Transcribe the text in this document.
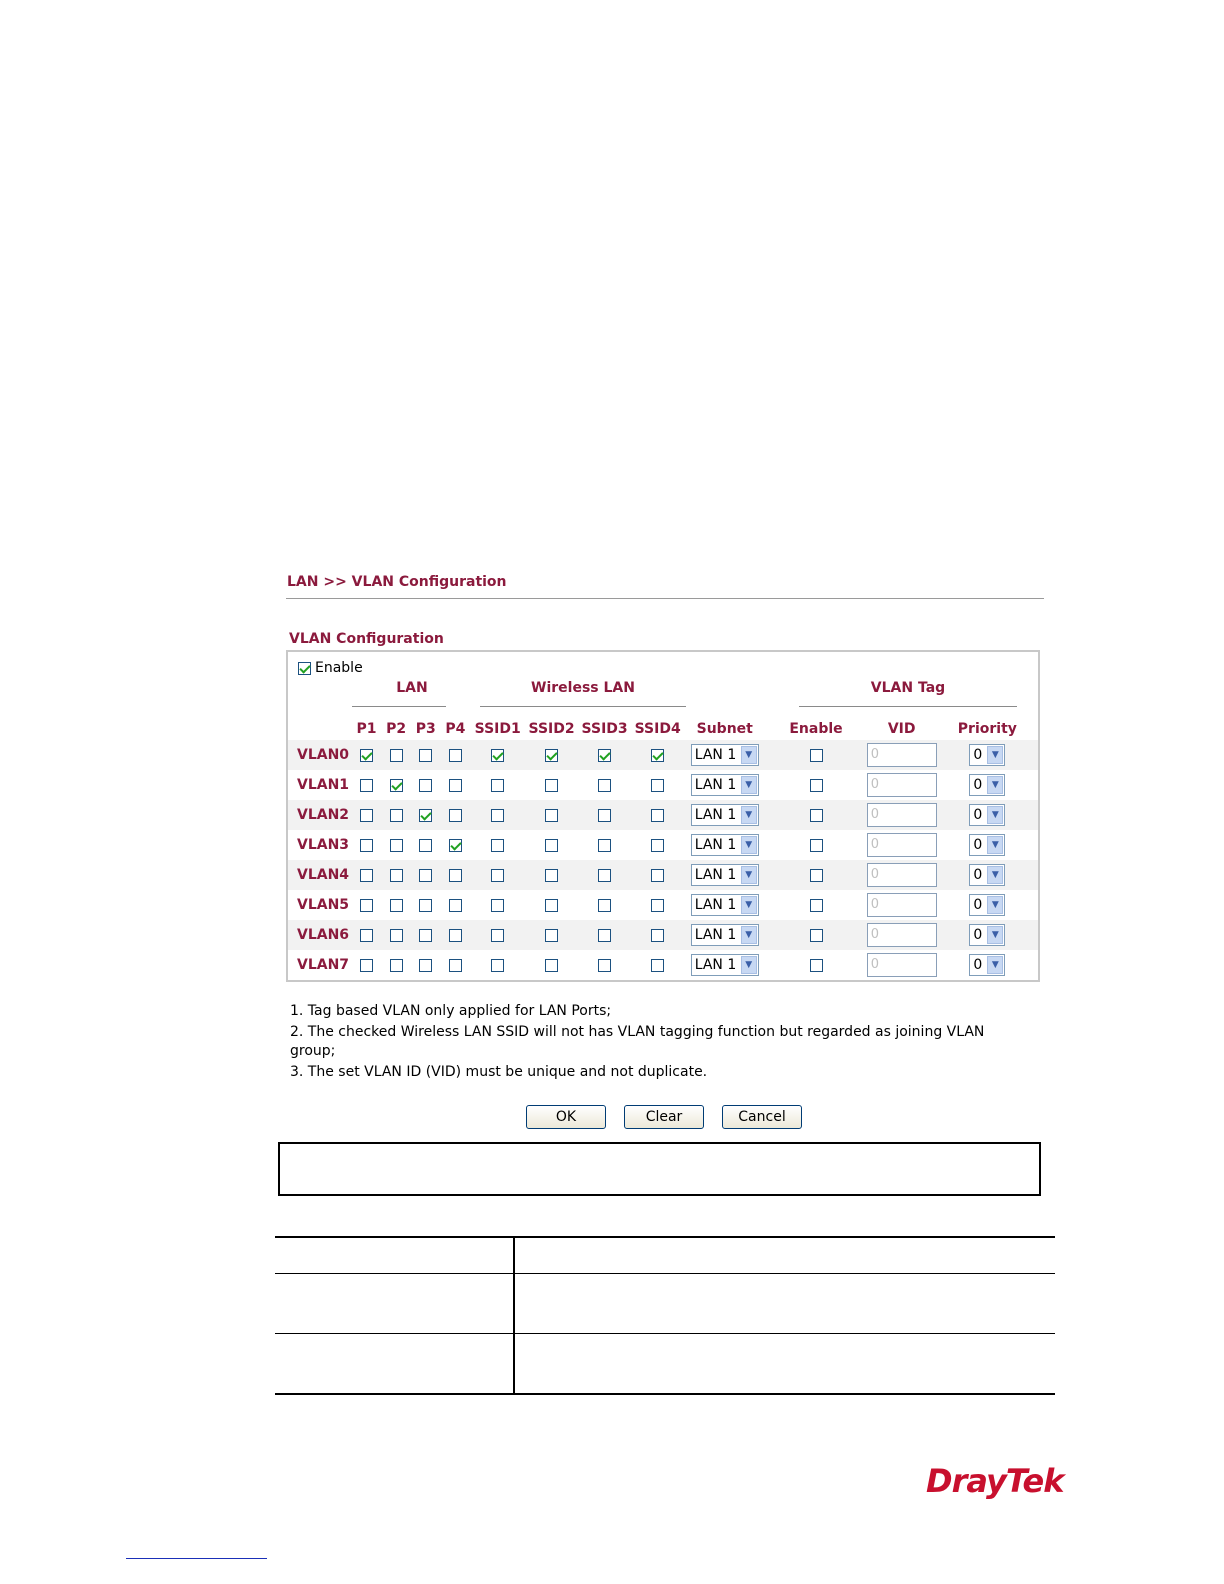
LAN >> VLAN Configuration
VLAN Configuration
Enable
LAN	Wireless LAN	VLAN Tag
	P1	P2	P3	P4	SSID1	SSID2	SSID3	SSID4	Subnet	Enable	VID	Priority
VLAN0									LAN 1 ▼		0	0 ▼

VLAN1									LAN 1 ▼		0	0 ▼

VLAN2									LAN 1 ▼		0	0 ▼

VLAN3									LAN 1 ▼		0	0 ▼

VLAN4									LAN 1 ▼		0	0 ▼

VLAN5									LAN 1 ▼		0	0 ▼

VLAN6									LAN 1 ▼		0	0 ▼

VLAN7									LAN 1 ▼		0	0 ▼
1. Tag based VLAN only applied for LAN Ports;
2. The checked Wireless LAN SSID will not has VLAN tagging function but regarded as joining VLAN group;
3. The set VLAN ID (VID) must be unique and not duplicate.
OK	Clear	Cancel
DrayTek
